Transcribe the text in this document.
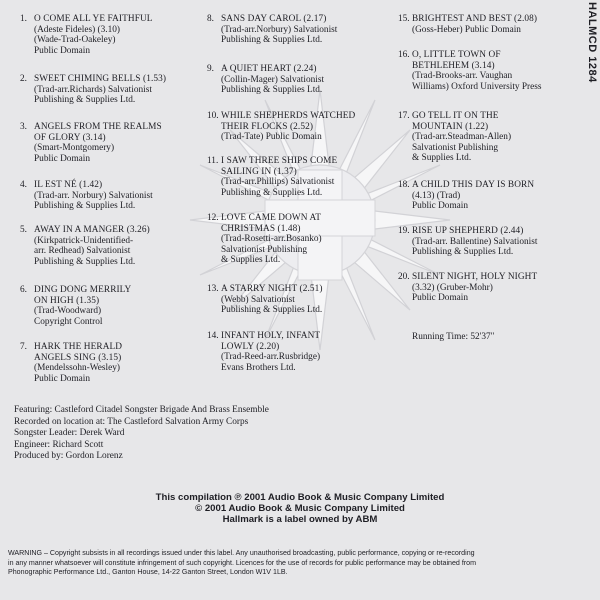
HALMCD 1284
1. O COME ALL YE FAITHFUL
(Adeste Fideles) (3.10)
(Wade-Trad-Oakeley)
Public Domain
2. SWEET CHIMING BELLS (1.53)
(Trad-arr.Richards) Salvationist
Publishing & Supplies Ltd.
3. ANGELS FROM THE REALMS
OF GLORY (3.14)
(Smart-Montgomery)
Public Domain
4. IL EST NÉ (1.42)
(Trad-arr. Norbury) Salvationist
Publishing & Supplies Ltd.
5. AWAY IN A MANGER (3.26)
(Kirkpatrick-Unidentified-
arr. Redhead) Salvationist
Publishing & Supplies Ltd.
6. DING DONG MERRILY
ON HIGH (1.35)
(Trad-Woodward)
Copyright Control
7. HARK THE HERALD
ANGELS SING (3.15)
(Mendelssohn-Wesley)
Public Domain
8. SANS DAY CAROL (2.17)
(Trad-arr.Norbury) Salvationist
Publishing & Supplies Ltd.
9. A QUIET HEART (2.24)
(Collin-Mager) Salvationist
Publishing & Supplies Ltd.
10. WHILE SHEPHERDS WATCHED
THEIR FLOCKS (2.52)
(Trad-Tate) Public Domain
11. I SAW THREE SHIPS COME
SAILING IN (1.37)
(Trad-arr.Phillips) Salvationist
Publishing & Supplies Ltd.
12. LOVE CAME DOWN AT
CHRISTMAS (1.48)
(Trad-Rosetti-arr.Bosanko)
Salvationist Publishing
& Supplies Ltd.
13. A STARRY NIGHT (2.51)
(Webb) Salvationist
Publishing & Supplies Ltd.
14. INFANT HOLY, INFANT
LOWLY (2.20)
(Trad-Reed-arr.Rusbridge)
Evans Brothers Ltd.
15. BRIGHTEST AND BEST (2.08)
(Goss-Heber) Public Domain
16. O, LITTLE TOWN OF
BETHLEHEM (3.14)
(Trad-Brooks-arr. Vaughan
Williams) Oxford University Press
17. GO TELL IT ON THE
MOUNTAIN (1.22)
(Trad-arr.Steadman-Allen)
Salvationist Publishing
& Supplies Ltd.
18. A CHILD THIS DAY IS BORN
(4.13) (Trad)
Public Domain
19. RISE UP SHEPHERD (2.44)
(Trad-arr. Ballentine) Salvationist
Publishing & Supplies Ltd.
20. SILENT NIGHT, HOLY NIGHT
(3.32) (Gruber-Mohr)
Public Domain
Running Time: 52'37"
Featuring: Castleford Citadel Songster Brigade And Brass Ensemble
Recorded on location at: The Castleford Salvation Army Corps
Songster Leader: Derek Ward
Engineer: Richard Scott
Produced by: Gordon Lorenz
This compilation ℗ 2001 Audio Book & Music Company Limited
© 2001 Audio Book & Music Company Limited
Hallmark is a label owned by ABM
WARNING – Copyright subsists in all recordings issued under this label. Any unauthorised broadcasting, public performance, copying or re-recording
in any manner whatsoever will constitute infringement of such copyright. Licences for the use of records for public performance may be obtained from
Phonographic Performance Ltd., Ganton House, 14-22 Ganton Street, London W1V 1LB.
